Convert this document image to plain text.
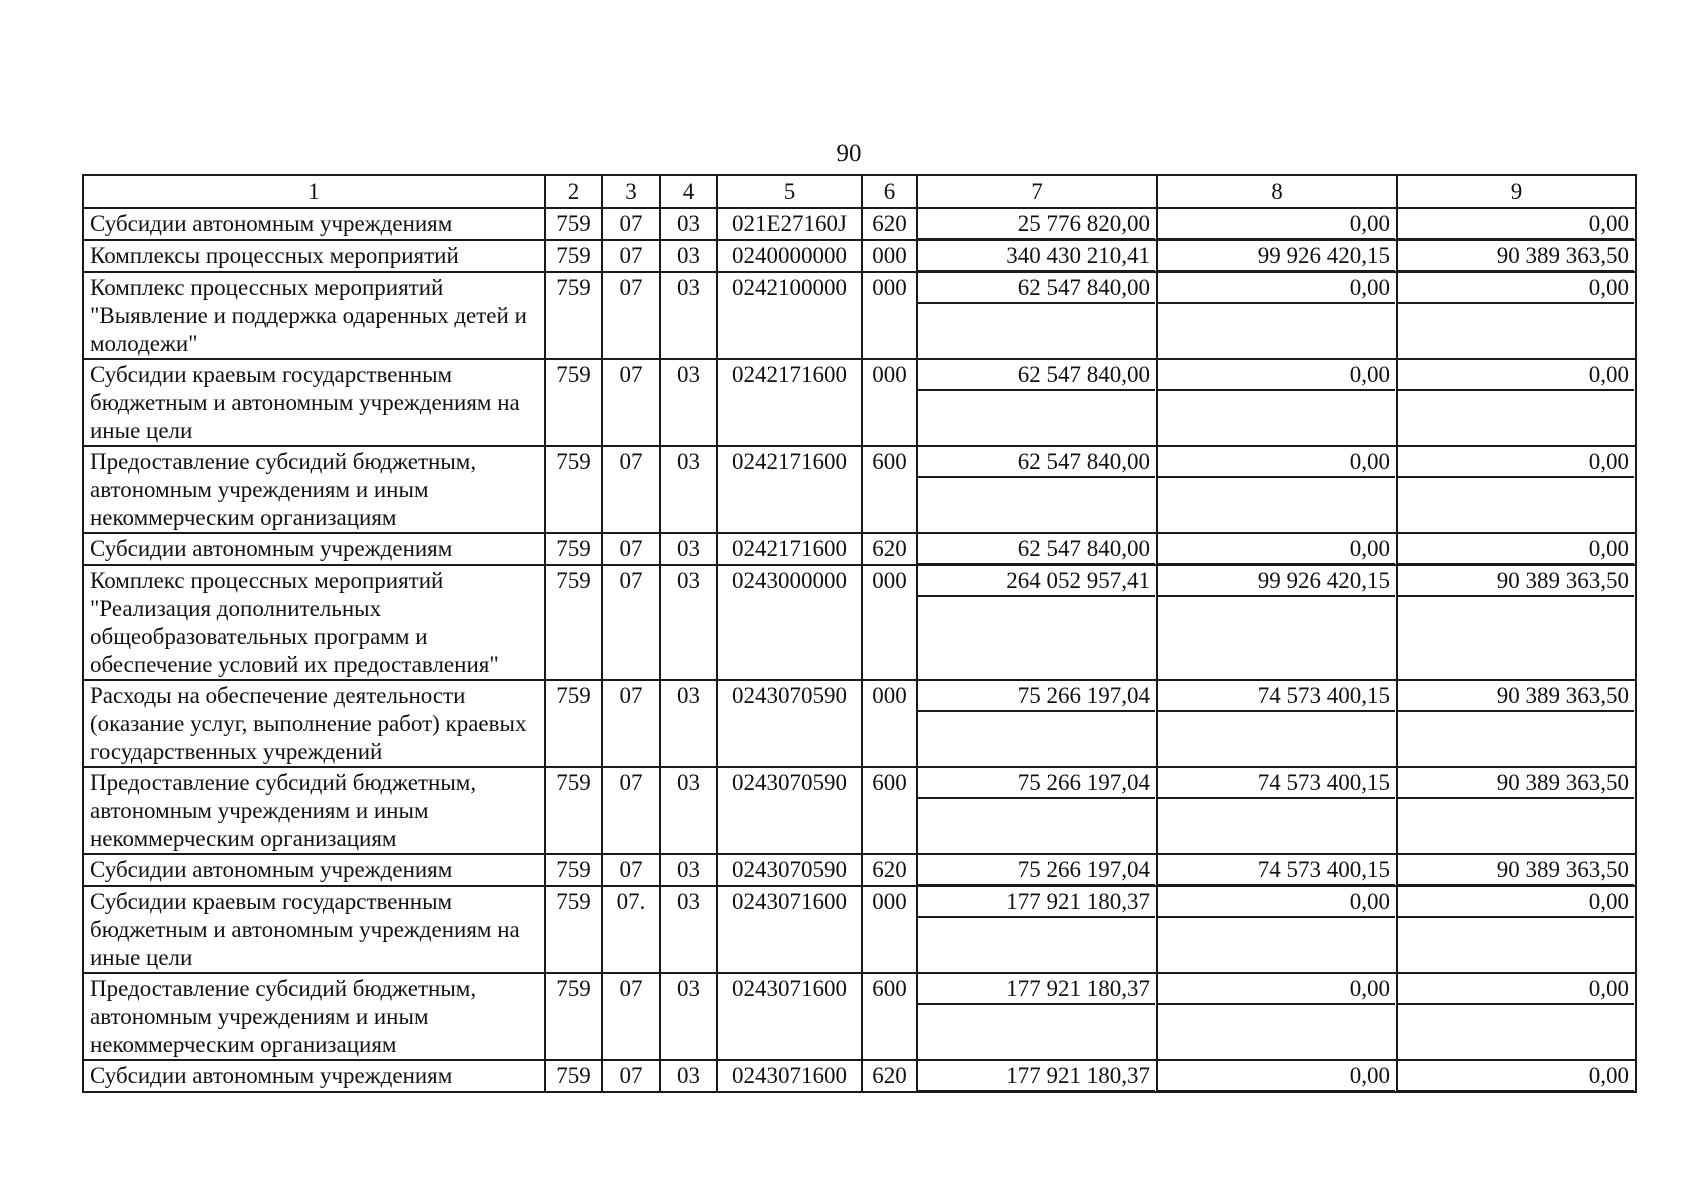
90
1	2	3	4	5	6	7	8	9
Субсидии автономным учреждениям	759	07	03	021E27160J	620	25 776 820,00	0,00	0,00

Комплексы процессных мероприятий	759	07	03	0240000000	000	340 430 210,41	99 926 420,15	90 389 363,50

Комплекс процессных мероприятий "Выявление и поддержка одаренных детей и молодежи"	759	07	03	0242100000	000	62 547 840,00	0,00	0,00

Субсидии краевым государственным бюджетным и автономным учреждениям на иные цели	759	07	03	0242171600	000	62 547 840,00	0,00	0,00

Предоставление субсидий бюджетным, автономным учреждениям и иным некоммерческим организациям	759	07	03	0242171600	600	62 547 840,00	0,00	0,00

Субсидии автономным учреждениям	759	07	03	0242171600	620	62 547 840,00	0,00	0,00

Комплекс процессных мероприятий "Реализация дополнительных общеобразовательных программ и обеспечение условий их предоставления"	759	07	03	0243000000	000	264 052 957,41	99 926 420,15	90 389 363,50

Расходы на обеспечение деятельности (оказание услуг, выполнение работ) краевых государственных учреждений	759	07	03	0243070590	000	75 266 197,04	74 573 400,15	90 389 363,50

Предоставление субсидий бюджетным, автономным учреждениям и иным некоммерческим организациям	759	07	03	0243070590	600	75 266 197,04	74 573 400,15	90 389 363,50

Субсидии автономным учреждениям	759	07	03	0243070590	620	75 266 197,04	74 573 400,15	90 389 363,50

Субсидии краевым государственным бюджетным и автономным учреждениям на иные цели	759	07.	03	0243071600	000	177 921 180,37	0,00	0,00

Предоставление субсидий бюджетным, автономным учреждениям и иным некоммерческим организациям	759	07	03	0243071600	600	177 921 180,37	0,00	0,00

Субсидии автономным учреждениям	759	07	03	0243071600	620	177 921 180,37	0,00	0,00
